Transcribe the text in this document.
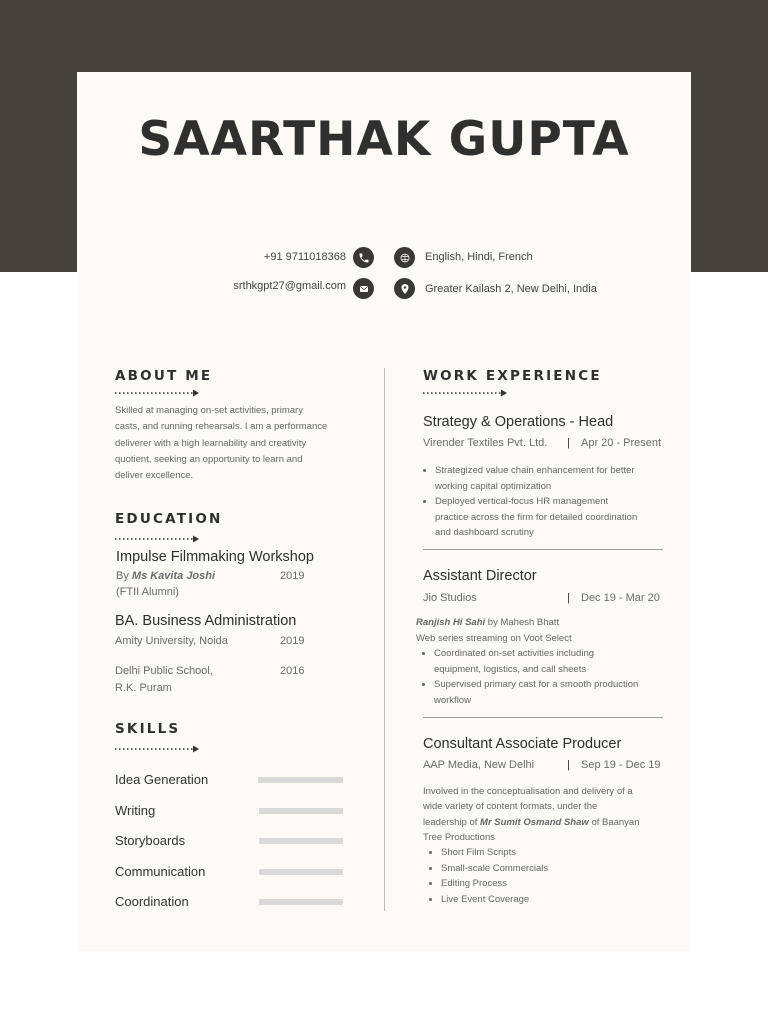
SAARTHAK GUPTA
+91 9711018368	English, Hindi, French
srthkgpt27@gmail.com	Greater Kailash 2, New Delhi, India
ABOUT ME
Skilled at managing on-set activities, primary
casts, and running rehearsals. I am a performance
deliverer with a high learnability and creativity
quotient, seeking an opportunity to learn and
deliver excellence.
EDUCATION
Impulse Filmmaking Workshop
By Ms Kavita Joshi	2019
(FTII Alumni)
BA. Business Administration
Amity University, Noida	2019
Delhi Public School,	2016
R.K. Puram
SKILLS
Idea Generation
Writing
Storyboards
Communication
Coordination
WORK EXPERIENCE
Strategy & Operations - Head
Virender Textiles Pvt. Ltd. | Apr 20 - Present
• Strategized value chain enhancement for better
working capital optimization
• Deployed vertical-focus HR management
practice across the firm for detailed coordination
and dashboard scrutiny
Assistant Director
Jio Studios	| Dec 19 - Mar 20
Ranjish Hi Sahi by Mahesh Bhatt
Web series streaming on Voot Select
• Coordinated on-set activities including
equipment, logistics, and call sheets
• Supervised primary cast for a smooth production
workflow
Consultant Associate Producer
AAP Media, New Delhi	| Sep 19 - Dec 19
Involved in the conceptualisation and delivery of a
wide variety of content formats, under the
leadership of Mr Sumit Osmand Shaw of Baanyan
Tree Productions
• Short Film Scripts
• Small-scale Commercials
• Editing Process
• Live Event Coverage
